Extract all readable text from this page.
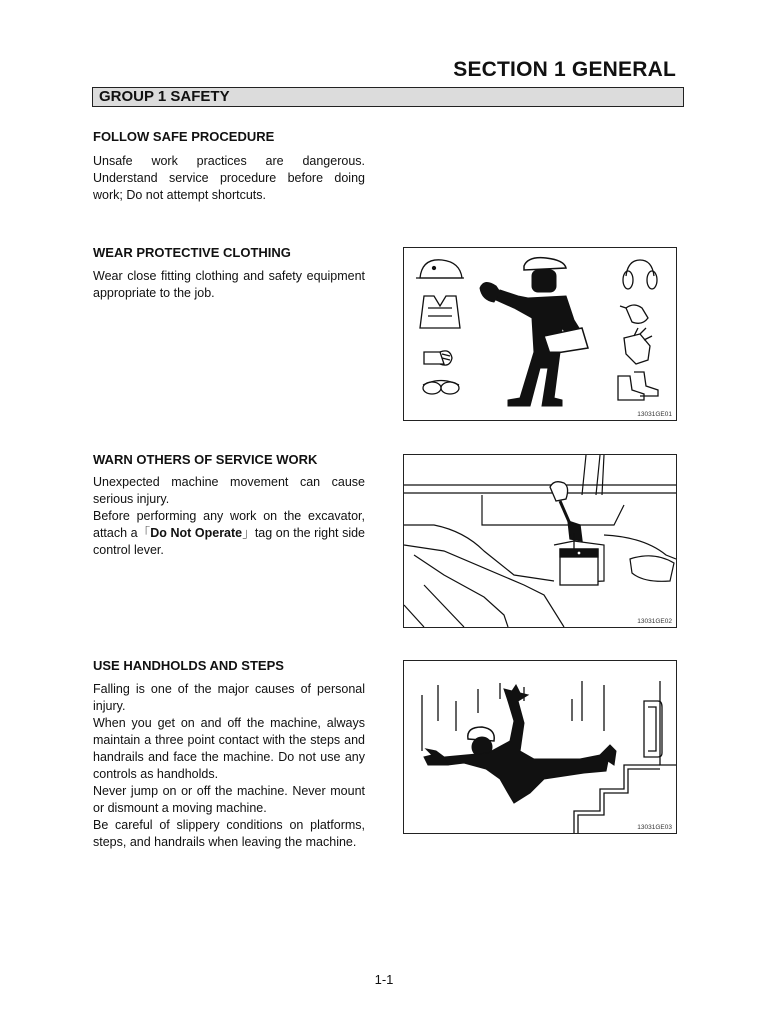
SECTION 1 GENERAL
GROUP 1 SAFETY
FOLLOW SAFE PROCEDURE

Unsafe work practices are dangerous. Understand service procedure before doing work; Do not attempt shortcuts.

WEAR PROTECTIVE CLOTHING

Wear close fitting clothing and safety equipment appropriate to the job.

13031GE01
WARN OTHERS OF SERVICE WORK

Unexpected machine movement can cause serious injury.

Before performing any work on the excavator, attach a「Do Not Operate」tag on the right side control lever.

13031GE02
USE HANDHOLDS AND STEPS

Falling is one of the major causes of personal injury.

When you get on and off the machine, always maintain a three point contact with the steps and handrails and face the machine. Do not use any controls as handholds.

Never jump on or off the machine. Never mount or dismount a moving machine.

Be careful of slippery conditions on platforms, steps, and handrails when leaving the machine.

13031GE03
1-1
